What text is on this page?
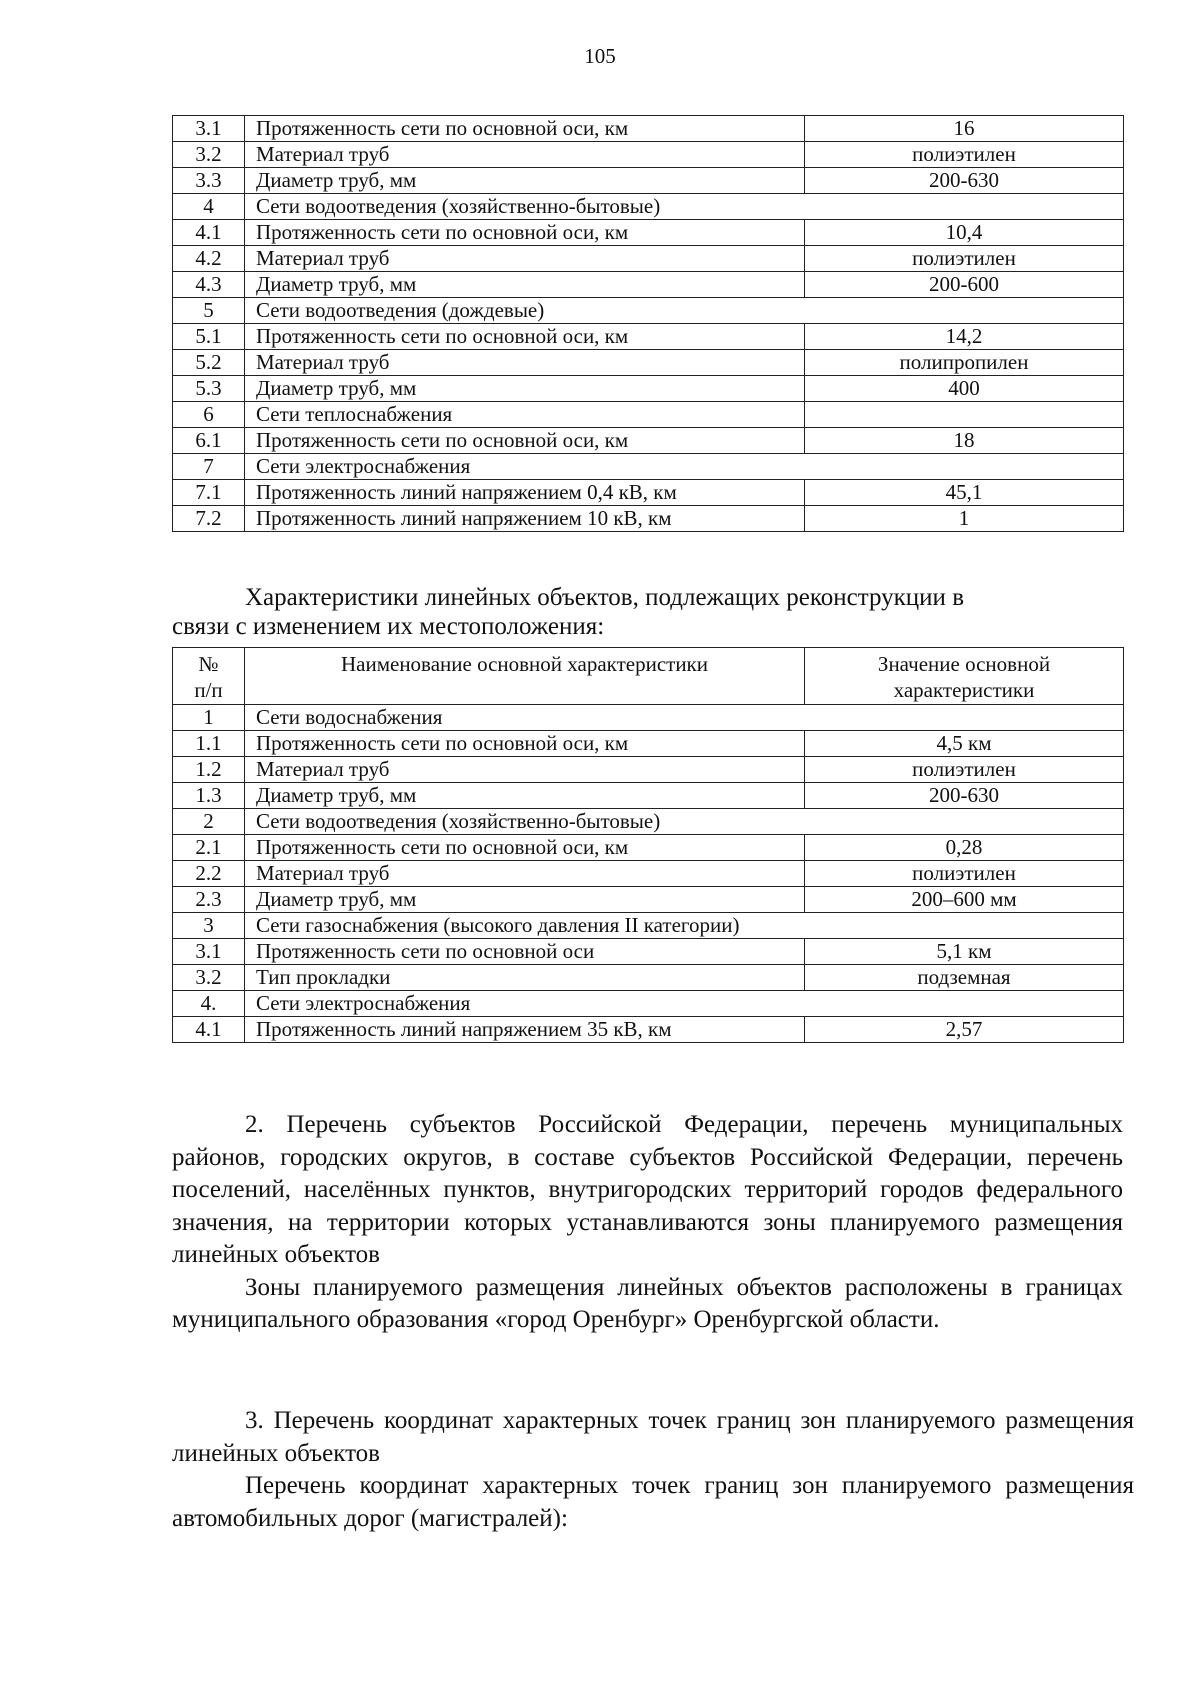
105
3.1	Протяженность сети по основной оси, км	16
3.2	Материал труб	полиэтилен
3.3	Диаметр труб, мм	200-630
4	Сети водоотведения (хозяйственно-бытовые)	
4.1	Протяженность сети по основной оси, км	10,4
4.2	Материал труб	полиэтилен
4.3	Диаметр труб, мм	200-600
5	Сети водоотведения (дождевые)	
5.1	Протяженность сети по основной оси, км	14,2
5.2	Материал труб	полипропилен
5.3	Диаметр труб, мм	400
6	Сети теплоснабжения	
6.1	Протяженность сети по основной оси, км	18
7	Сети электроснабжения	
7.1	Протяженность линий напряжением 0,4 кВ, км	45,1
7.2	Протяженность линий напряжением 10 кВ, км	1
Характеристики линейных объектов, подлежащих реконструкции в
связи с изменением их местоположения:
№
п/п	Наименование основной характеристики	Значение основной
характеристики
1	Сети водоснабжения	
1.1	Протяженность сети по основной оси, км	4,5 км
1.2	Материал труб	полиэтилен
1.3	Диаметр труб, мм	200-630
2	Сети водоотведения (хозяйственно-бытовые)	
2.1	Протяженность сети по основной оси, км	0,28
2.2	Материал труб	полиэтилен
2.3	Диаметр труб, мм	200–600 мм
3	Сети газоснабжения (высокого давления II категории)	
3.1	Протяженность сети по основной оси	5,1 км
3.2	Тип прокладки	подземная
4.	Сети электроснабжения	
4.1	Протяженность линий напряжением 35 кВ, км	2,57

2. Перечень субъектов Российской Федерации, перечень муниципальных районов, городских округов, в составе субъектов Российской Федерации, перечень поселений, населённых пунктов, внутригородских территорий городов федерального значения, на территории которых устанавливаются зоны планируемого размещения линейных объектов

Зоны планируемого размещения линейных объектов расположены в границах муниципального образования «город Оренбург» Оренбургской области.

3. Перечень координат характерных точек границ зон планируемого размещения линейных объектов

Перечень координат характерных точек границ зон планируемого размещения автомобильных дорог (магистралей):
